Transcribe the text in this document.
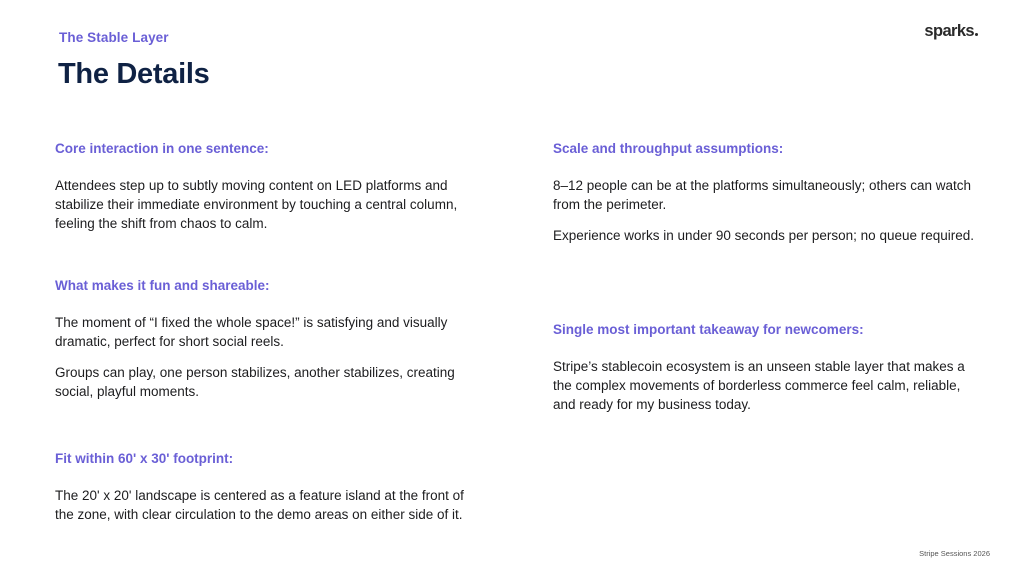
The Stable Layer
The Details
sparks
Core interaction in one sentence:

Attendees step up to subtly moving content on LED platforms and stabilize their immediate environment by touching a central column, feeling the shift from chaos to calm.

What makes it fun and shareable:

The moment of “I fixed the whole space!” is satisfying and visually dramatic, perfect for short social reels.

Groups can play, one person stabilizes, another stabilizes, creating social, playful moments.

Fit within 60' x 30' footprint:

The 20' x 20' landscape is centered as a feature island at the front of the zone, with clear circulation to the demo areas on either side of it.

Scale and throughput assumptions:

8–12 people can be at the platforms simultaneously; others can watch from the perimeter.

Experience works in under 90 seconds per person; no queue required.

Single most important takeaway for newcomers:

Stripe’s stablecoin ecosystem is an unseen stable layer that makes a the complex movements of borderless commerce feel calm, reliable, and ready for my business today.

Stripe Sessions 2026
